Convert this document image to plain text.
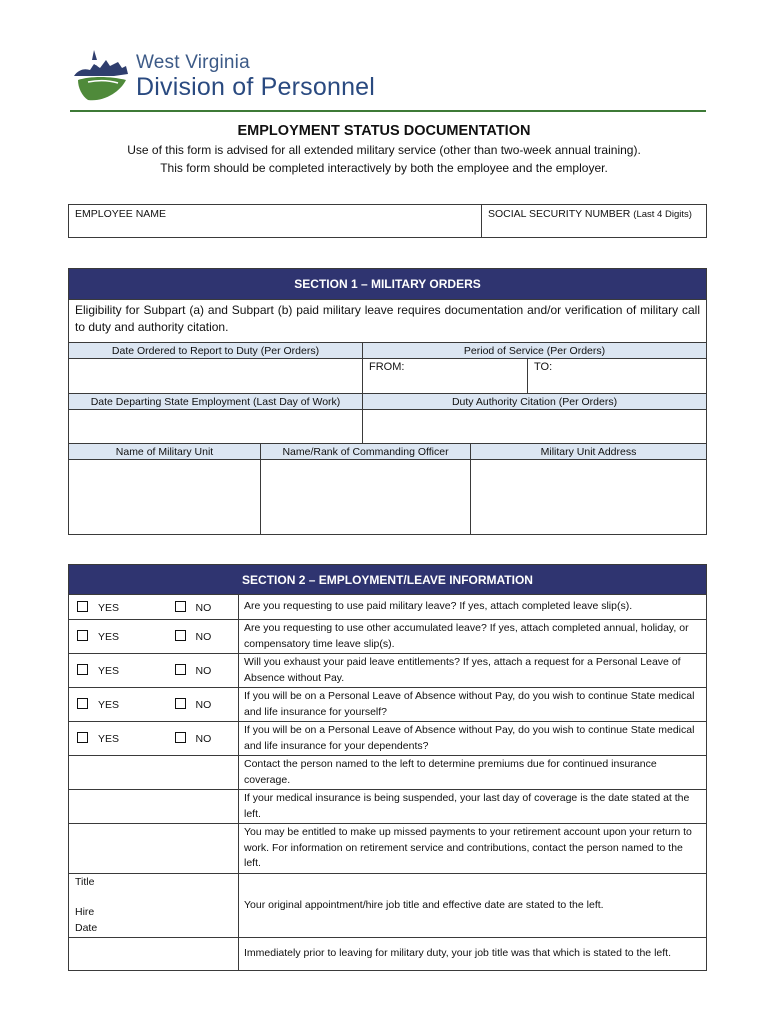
West Virginia
Division of Personnel
EMPLOYMENT STATUS DOCUMENTATION
Use of this form is advised for all extended military service (other than two-week annual training).
This form should be completed interactively by both the employee and the employer.
EMPLOYEE NAME	SOCIAL SECURITY NUMBER (Last 4 Digits)
SECTION 1 – MILITARY ORDERS		
Eligibility for Subpart (a) and Subpart (b) paid military leave requires documentation and/or verification of military call to duty and authority citation.		
Date Ordered to Report to Duty (Per Orders)	Period of Service (Per Orders)	
	FROM:	TO:
Date Departing State Employment (Last Day of Work)	Duty Authority Citation (Per Orders)	

Name of Military Unit	Name/Rank of Commanding Officer	Military Unit Address

SECTION 2 – EMPLOYMENT/LEAVE INFORMATION		
YES	NO	Are you requesting to use paid military leave? If yes, attach completed leave slip(s).
YES	NO	Are you requesting to use other accumulated leave? If yes, attach completed annual, holiday, or compensatory time leave slip(s).
YES	NO	Will you exhaust your paid leave entitlements? If yes, attach a request for a Personal Leave of Absence without Pay.
YES	NO	If you will be on a Personal Leave of Absence without Pay, do you wish to continue State medical and life insurance for yourself?
YES	NO	If you will be on a Personal Leave of Absence without Pay, do you wish to continue State medical and life insurance for your dependents?
		Contact the person named to the left to determine premiums due for continued insurance coverage.
		If your medical insurance is being suspended, your last day of coverage is the date stated at the left.
		You may be entitled to make up missed payments to your retirement account upon your return to work. For information on retirement service and contributions, contact the person named to the left.

Title
Hire
Date		Your original appointment/hire job title and effective date are stated to the left.
		Immediately prior to leaving for military duty, your job title was that which is stated to the left.
